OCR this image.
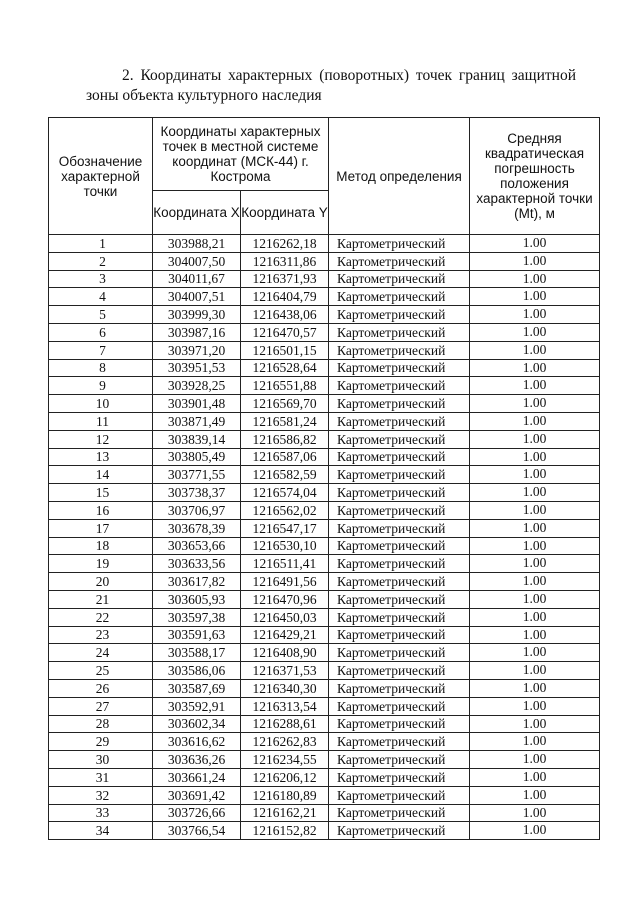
2. Координаты характерных (поворотных) точек границ защитной
зоны объекта культурного наследия
Обозначение характерной точки	Координаты характерных точек в местной системе координат (МСК-44) г. Кострома		Метод определения	Средняя квадратическая погрешность положения характерной точки (Mt), м
	Координата X	Координата Y		
1	303988,21	1216262,18	Картометрический	1.00
2	304007,50	1216311,86	Картометрический	1.00
3	304011,67	1216371,93	Картометрический	1.00
4	304007,51	1216404,79	Картометрический	1.00
5	303999,30	1216438,06	Картометрический	1.00
6	303987,16	1216470,57	Картометрический	1.00
7	303971,20	1216501,15	Картометрический	1.00
8	303951,53	1216528,64	Картометрический	1.00
9	303928,25	1216551,88	Картометрический	1.00
10	303901,48	1216569,70	Картометрический	1.00
11	303871,49	1216581,24	Картометрический	1.00
12	303839,14	1216586,82	Картометрический	1.00
13	303805,49	1216587,06	Картометрический	1.00
14	303771,55	1216582,59	Картометрический	1.00
15	303738,37	1216574,04	Картометрический	1.00
16	303706,97	1216562,02	Картометрический	1.00
17	303678,39	1216547,17	Картометрический	1.00
18	303653,66	1216530,10	Картометрический	1.00
19	303633,56	1216511,41	Картометрический	1.00
20	303617,82	1216491,56	Картометрический	1.00
21	303605,93	1216470,96	Картометрический	1.00
22	303597,38	1216450,03	Картометрический	1.00
23	303591,63	1216429,21	Картометрический	1.00
24	303588,17	1216408,90	Картометрический	1.00
25	303586,06	1216371,53	Картометрический	1.00
26	303587,69	1216340,30	Картометрический	1.00
27	303592,91	1216313,54	Картометрический	1.00
28	303602,34	1216288,61	Картометрический	1.00
29	303616,62	1216262,83	Картометрический	1.00
30	303636,26	1216234,55	Картометрический	1.00
31	303661,24	1216206,12	Картометрический	1.00
32	303691,42	1216180,89	Картометрический	1.00
33	303726,66	1216162,21	Картометрический	1.00
34	303766,54	1216152,82	Картометрический	1.00
